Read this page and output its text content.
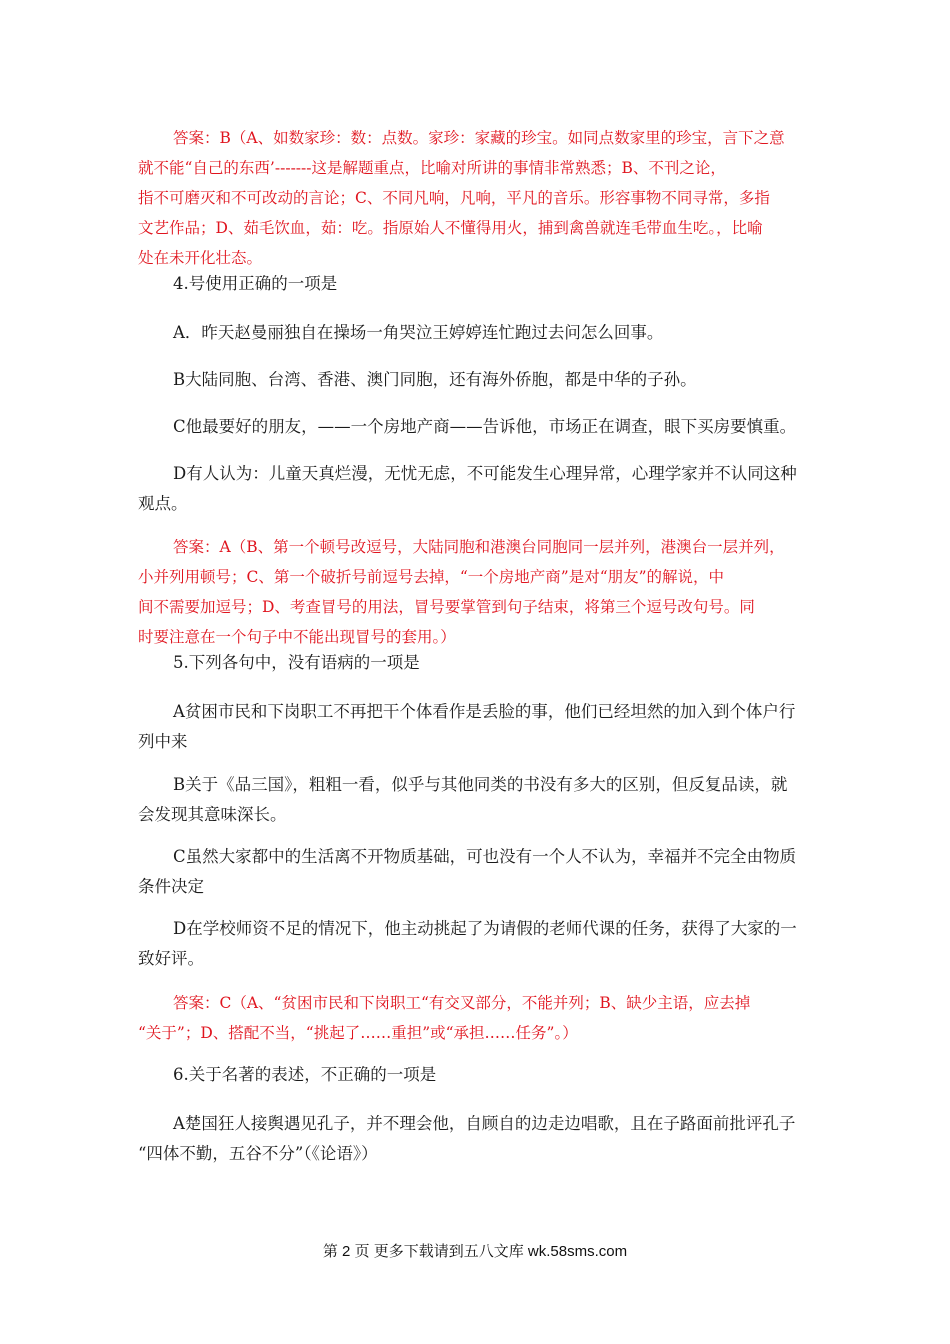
答案：B（A、如数家珍：数：点数。家珍：家藏的珍宝。如同点数家里的珍宝，言下之意
就不能“自己的东西’-------这是解题重点，比喻对所讲的事情非常熟悉；B、不刊之论，
指不可磨灭和不可改动的言论；C、不同凡响，凡响，平凡的音乐。形容事物不同寻常，多指
文艺作品；D、茹毛饮血，茹：吃。指原始人不懂得用火，捕到禽兽就连毛带血生吃。，比喻
处在未开化壮态。
4.号使用正确的一项是
A．昨天赵曼丽独自在操场一角哭泣王婷婷连忙跑过去问怎么回事。
B大陆同胞、台湾、香港、澳门同胞，还有海外侨胞，都是中华的子孙。
C他最要好的朋友，——一个房地产商——告诉他，市场正在调查，眼下买房要慎重。
D有人认为：儿童天真烂漫，无忧无虑，不可能发生心理异常，心理学家并不认同这种
观点。
答案：A（B、第一个顿号改逗号，大陆同胞和港澳台同胞同一层并列，港澳台一层并列，
小并列用顿号；C、第一个破折号前逗号去掉，“一个房地产商”是对“朋友”的解说，中
间不需要加逗号；D、考查冒号的用法，冒号要掌管到句子结束，将第三个逗号改句号。同
时要注意在一个句子中不能出现冒号的套用。）
5.下列各句中，没有语病的一项是
A贫困市民和下岗职工不再把干个体看作是丢脸的事，他们已经坦然的加入到个体户行
列中来
B关于《品三国》，粗粗一看，似乎与其他同类的书没有多大的区别，但反复品读，就
会发现其意味深长。
C虽然大家都中的生活离不开物质基础，可也没有一个人不认为，幸福并不完全由物质
条件决定
D在学校师资不足的情况下，他主动挑起了为请假的老师代课的任务，获得了大家的一
致好评。
答案：C（A、“贫困市民和下岗职工“有交叉部分，不能并列；B、缺少主语，应去掉
“关于”；D、搭配不当，“挑起了……重担”或“承担……任务”。）
6.关于名著的表述，不正确的一项是
A楚国狂人接舆遇见孔子，并不理会他，自顾自的边走边唱歌，且在子路面前批评孔子
“四体不勤，五谷不分”（《论语》）
第 2 页 更多下载请到五八文库 wk.58sms.com
